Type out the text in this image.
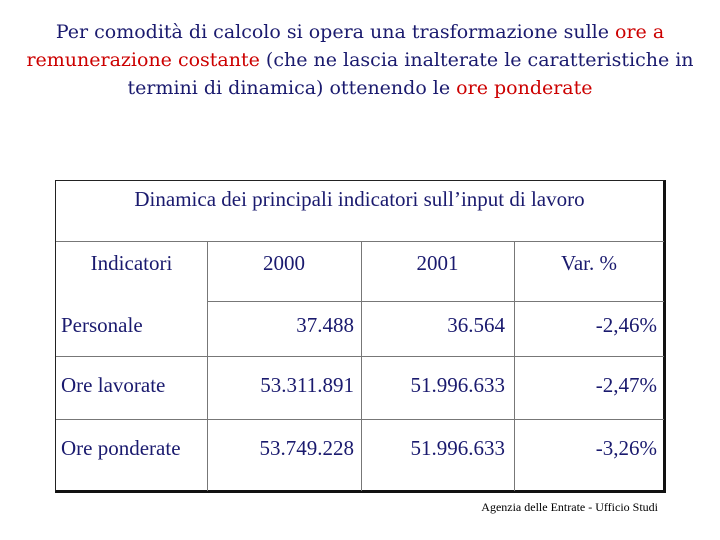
Per comodità di calcolo si opera una trasformazione sulle ore a remunerazione costante (che ne lascia inalterate le caratteristiche in termini di dinamica) ottenendo le ore ponderate
Dinamica dei principali indicatori sull’input di lavoro
Indicatori	2000	2001	Var. %
Personale	37.488	36.564	-2,46%
Ore lavorate	53.311.891	51.996.633	-2,47%
Ore ponderate	53.749.228	51.996.633	-3,26%
Agenzia delle Entrate - Ufficio Studi
